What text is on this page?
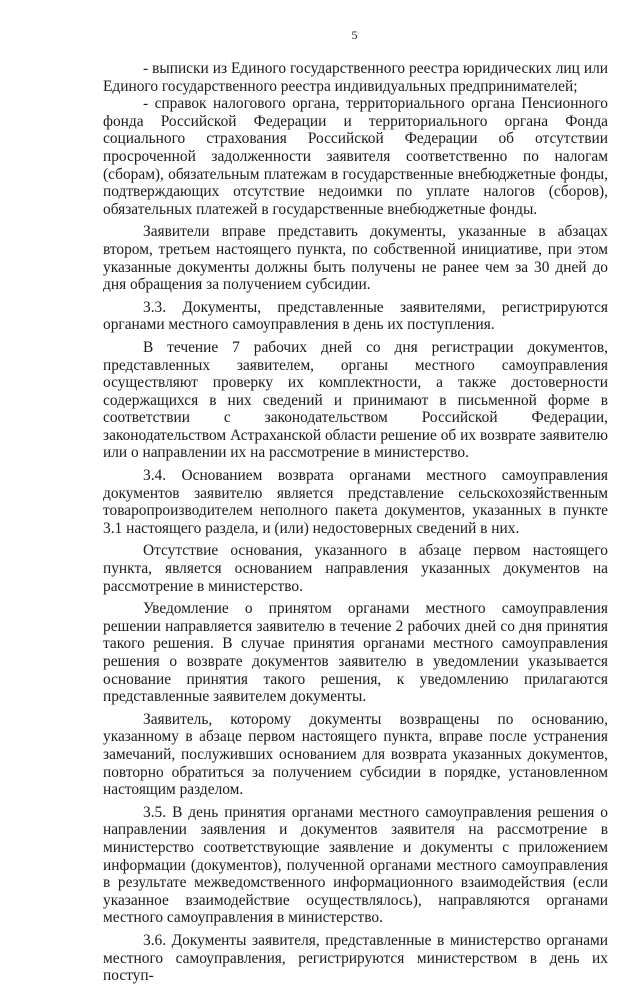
5

- выписки из Единого государственного реестра юридических лиц или Единого государственного реестра индивидуальных предпринимателей;

- справок налогового органа, территориального органа Пенсионного фонда Российской Федерации и территориального органа Фонда социального страхования Российской Федерации об отсутствии просроченной задолженности заявителя соответственно по налогам (сборам), обязательным платежам в государственные внебюджетные фонды, подтверждающих отсутствие недоимки по уплате налогов (сборов), обязательных платежей в государственные внебюджетные фонды.

Заявители вправе представить документы, указанные в абзацах втором, третьем настоящего пункта, по собственной инициативе, при этом указанные документы должны быть получены не ранее чем за 30 дней до дня обращения за получением субсидии.

3.3. Документы, представленные заявителями, регистрируются органами местного самоуправления в день их поступления.

В течение 7 рабочих дней со дня регистрации документов, представленных заявителем, органы местного самоуправления осуществляют проверку их комплектности, а также достоверности содержащихся в них сведений и принимают в письменной форме в соответствии с законодательством Российской Федерации, законодательством Астраханской области решение об их возврате заявителю или о направлении их на рассмотрение в министерство.

3.4. Основанием возврата органами местного самоуправления документов заявителю является представление сельскохозяйственным товаропроизводителем неполного пакета документов, указанных в пункте 3.1 настоящего раздела, и (или) недостоверных сведений в них.

Отсутствие основания, указанного в абзаце первом настоящего пункта, является основанием направления указанных документов на рассмотрение в министерство.

Уведомление о принятом органами местного самоуправления решении направляется заявителю в течение 2 рабочих дней со дня принятия такого решения. В случае принятия органами местного самоуправления решения о возврате документов заявителю в уведомлении указывается основание принятия такого решения, к уведомлению прилагаются представленные заявителем документы.

Заявитель, которому документы возвращены по основанию, указанному в абзаце первом настоящего пункта, вправе после устранения замечаний, послуживших основанием для возврата указанных документов, повторно обратиться за получением субсидии в порядке, установленном настоящим разделом.

3.5. В день принятия органами местного самоуправления решения о направлении заявления и документов заявителя на рассмотрение в министерство соответствующие заявление и документы с приложением информации (документов), полученной органами местного самоуправления в результате межведомственного информационного взаимодействия (если указанное взаимодействие осуществлялось), направляются органами местного самоуправления в министерство.

3.6. Документы заявителя, представленные в министерство органами местного самоуправления, регистрируются министерством в день их поступ-
